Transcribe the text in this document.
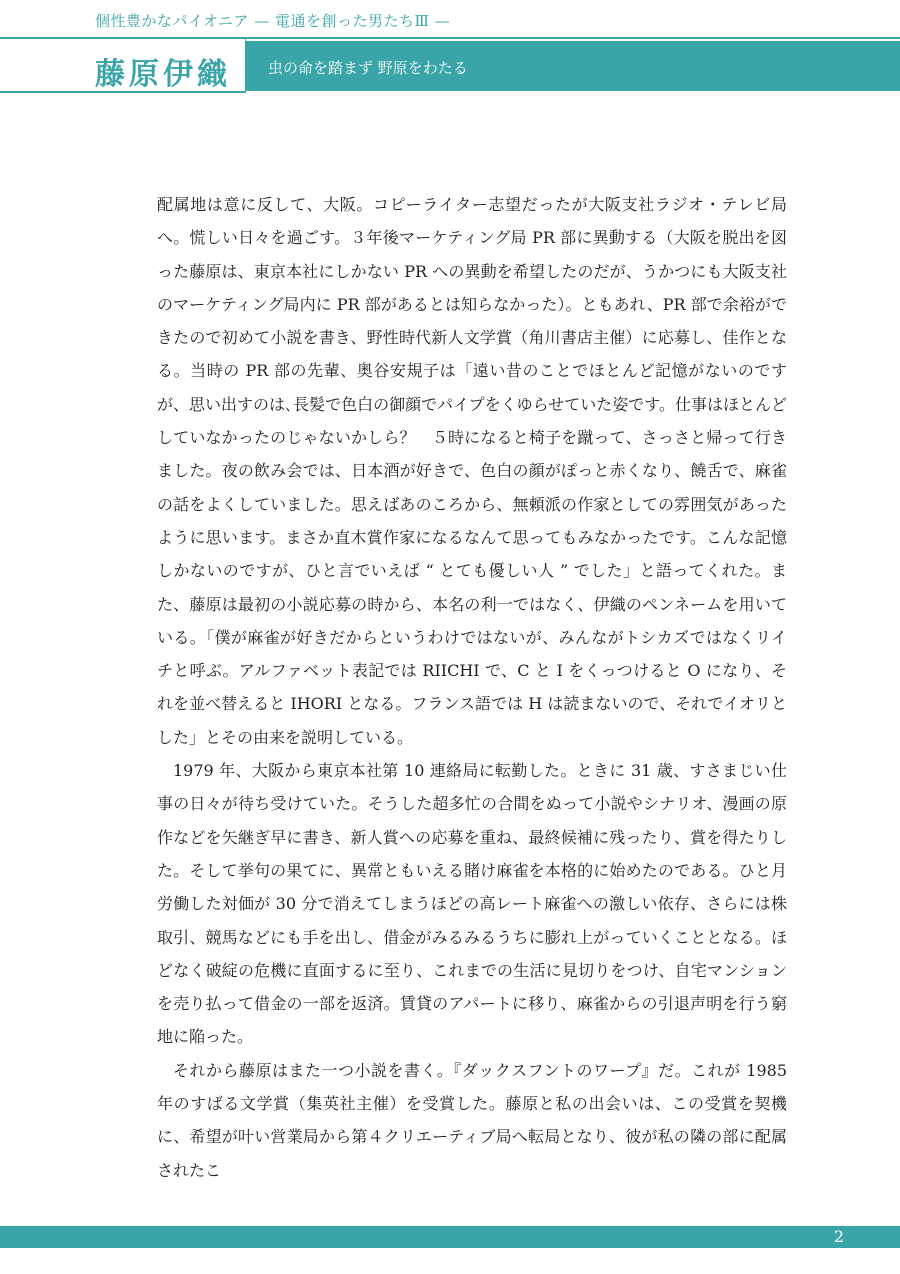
個性豊かなパイオニア — 電通を創った男たちⅢ —
藤原伊織 虫の命を踏まず 野原をわたる

配属地は意に反して、大阪。コピーライター志望だったが大阪支社ラジオ・テレビ局へ。慌しい日々を過ごす。３年後マーケティング局 PR 部に異動する（大阪を脱出を図った藤原は、東京本社にしかない PR への異動を希望したのだが、うかつにも大阪支社のマーケティング局内に PR 部があるとは知らなかった）。ともあれ、PR 部で余裕ができたので初めて小説を書き、野性時代新人文学賞（角川書店主催）に応募し、佳作となる。当時の PR 部の先輩、奥谷安規子は「遠い昔のことでほとんど記憶がないのですが、思い出すのは､長髪で色白の御顔でパイプをくゆらせていた姿です。仕事はほとんどしていなかったのじゃないかしら？　５時になると椅子を蹴って、さっさと帰って行きました。夜の飲み会では、日本酒が好きで、色白の顔がぽっと赤くなり、饒舌で、麻雀の話をよくしていました。思えばあのころから、無頼派の作家としての雰囲気があったように思います。まさか直木賞作家になるなんて思ってもみなかったです。こんな記憶しかないのですが、ひと言でいえば “ とても優しい人 ” でした」と語ってくれた。また、藤原は最初の小説応募の時から、本名の利一ではなく、伊織のペンネームを用いている。「僕が麻雀が好きだからというわけではないが、みんながトシカズではなくリイチと呼ぶ。アルファベット表記では RIICHI で、C と I をくっつけると O になり、それを並べ替えると IHORI となる。フランス語では H は読まないので、それでイオリとした」とその由来を説明している。

1979 年、大阪から東京本社第 10 連絡局に転勤した。ときに 31 歳、すさまじい仕事の日々が待ち受けていた。そうした超多忙の合間をぬって小説やシナリオ、漫画の原作などを矢継ぎ早に書き、新人賞への応募を重ね、最終候補に残ったり、賞を得たりした。そして挙句の果てに、異常ともいえる賭け麻雀を本格的に始めたのである。ひと月労働した対価が 30 分で消えてしまうほどの高レート麻雀への激しい依存、さらには株取引、競馬などにも手を出し、借金がみるみるうちに膨れ上がっていくこととなる。ほどなく破綻の危機に直面するに至り、これまでの生活に見切りをつけ、自宅マンションを売り払って借金の一部を返済。賃貸のアパートに移り、麻雀からの引退声明を行う窮地に陥った。

それから藤原はまた一つ小説を書く。『ダックスフントのワープ』だ。これが 1985 年のすばる文学賞（集英社主催）を受賞した。藤原と私の出会いは、この受賞を契機に、希望が叶い営業局から第４クリエーティブ局へ転局となり、彼が私の隣の部に配属されたこ

2
